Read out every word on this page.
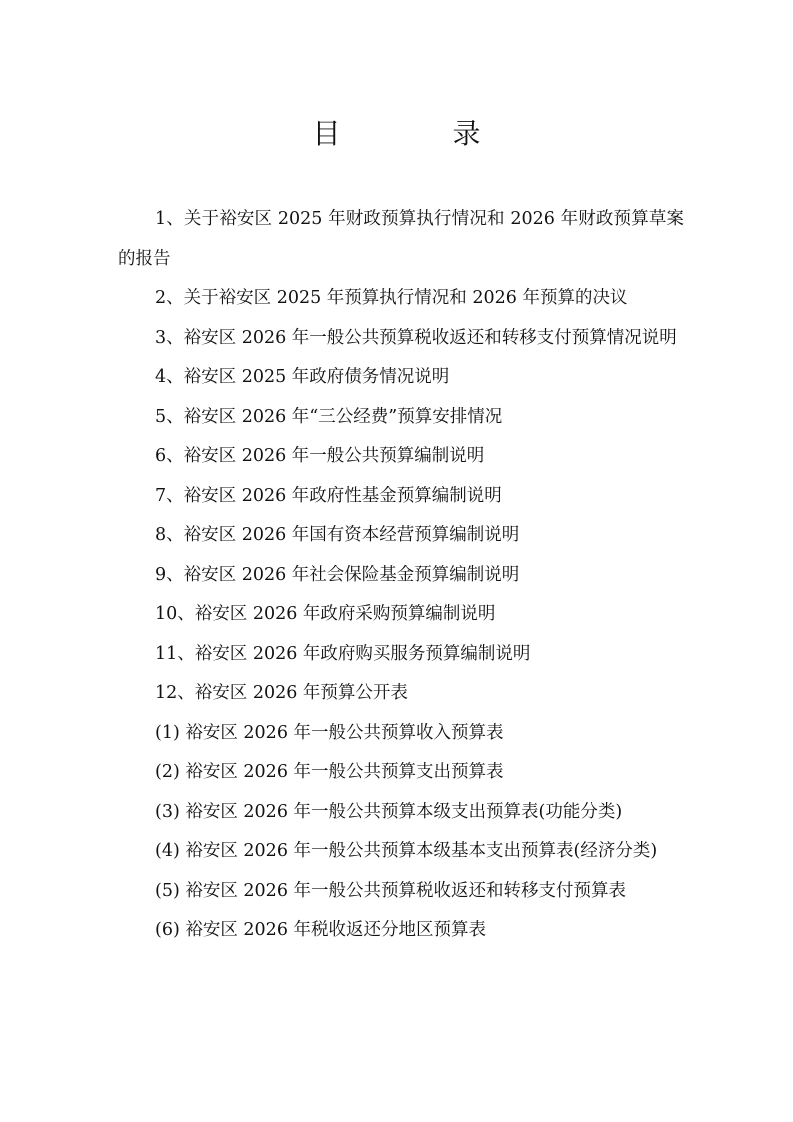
目　录
1、关于裕安区 2025 年财政预算执行情况和 2026 年财政预算草案的报告
2、关于裕安区 2025 年预算执行情况和 2026 年预算的决议
3、裕安区 2026 年一般公共预算税收返还和转移支付预算情况说明
4、裕安区 2025 年政府债务情况说明
5、裕安区 2026 年“三公经费”预算安排情况
6、裕安区 2026 年一般公共预算编制说明
7、裕安区 2026 年政府性基金预算编制说明
8、裕安区 2026 年国有资本经营预算编制说明
9、裕安区 2026 年社会保险基金预算编制说明
10、裕安区 2026 年政府采购预算编制说明
11、裕安区 2026 年政府购买服务预算编制说明
12、裕安区 2026 年预算公开表
(1) 裕安区 2026 年一般公共预算收入预算表
(2) 裕安区 2026 年一般公共预算支出预算表
(3) 裕安区 2026 年一般公共预算本级支出预算表(功能分类)
(4) 裕安区 2026 年一般公共预算本级基本支出预算表(经济分类)
(5) 裕安区 2026 年一般公共预算税收返还和转移支付预算表
(6) 裕安区 2026 年税收返还分地区预算表
